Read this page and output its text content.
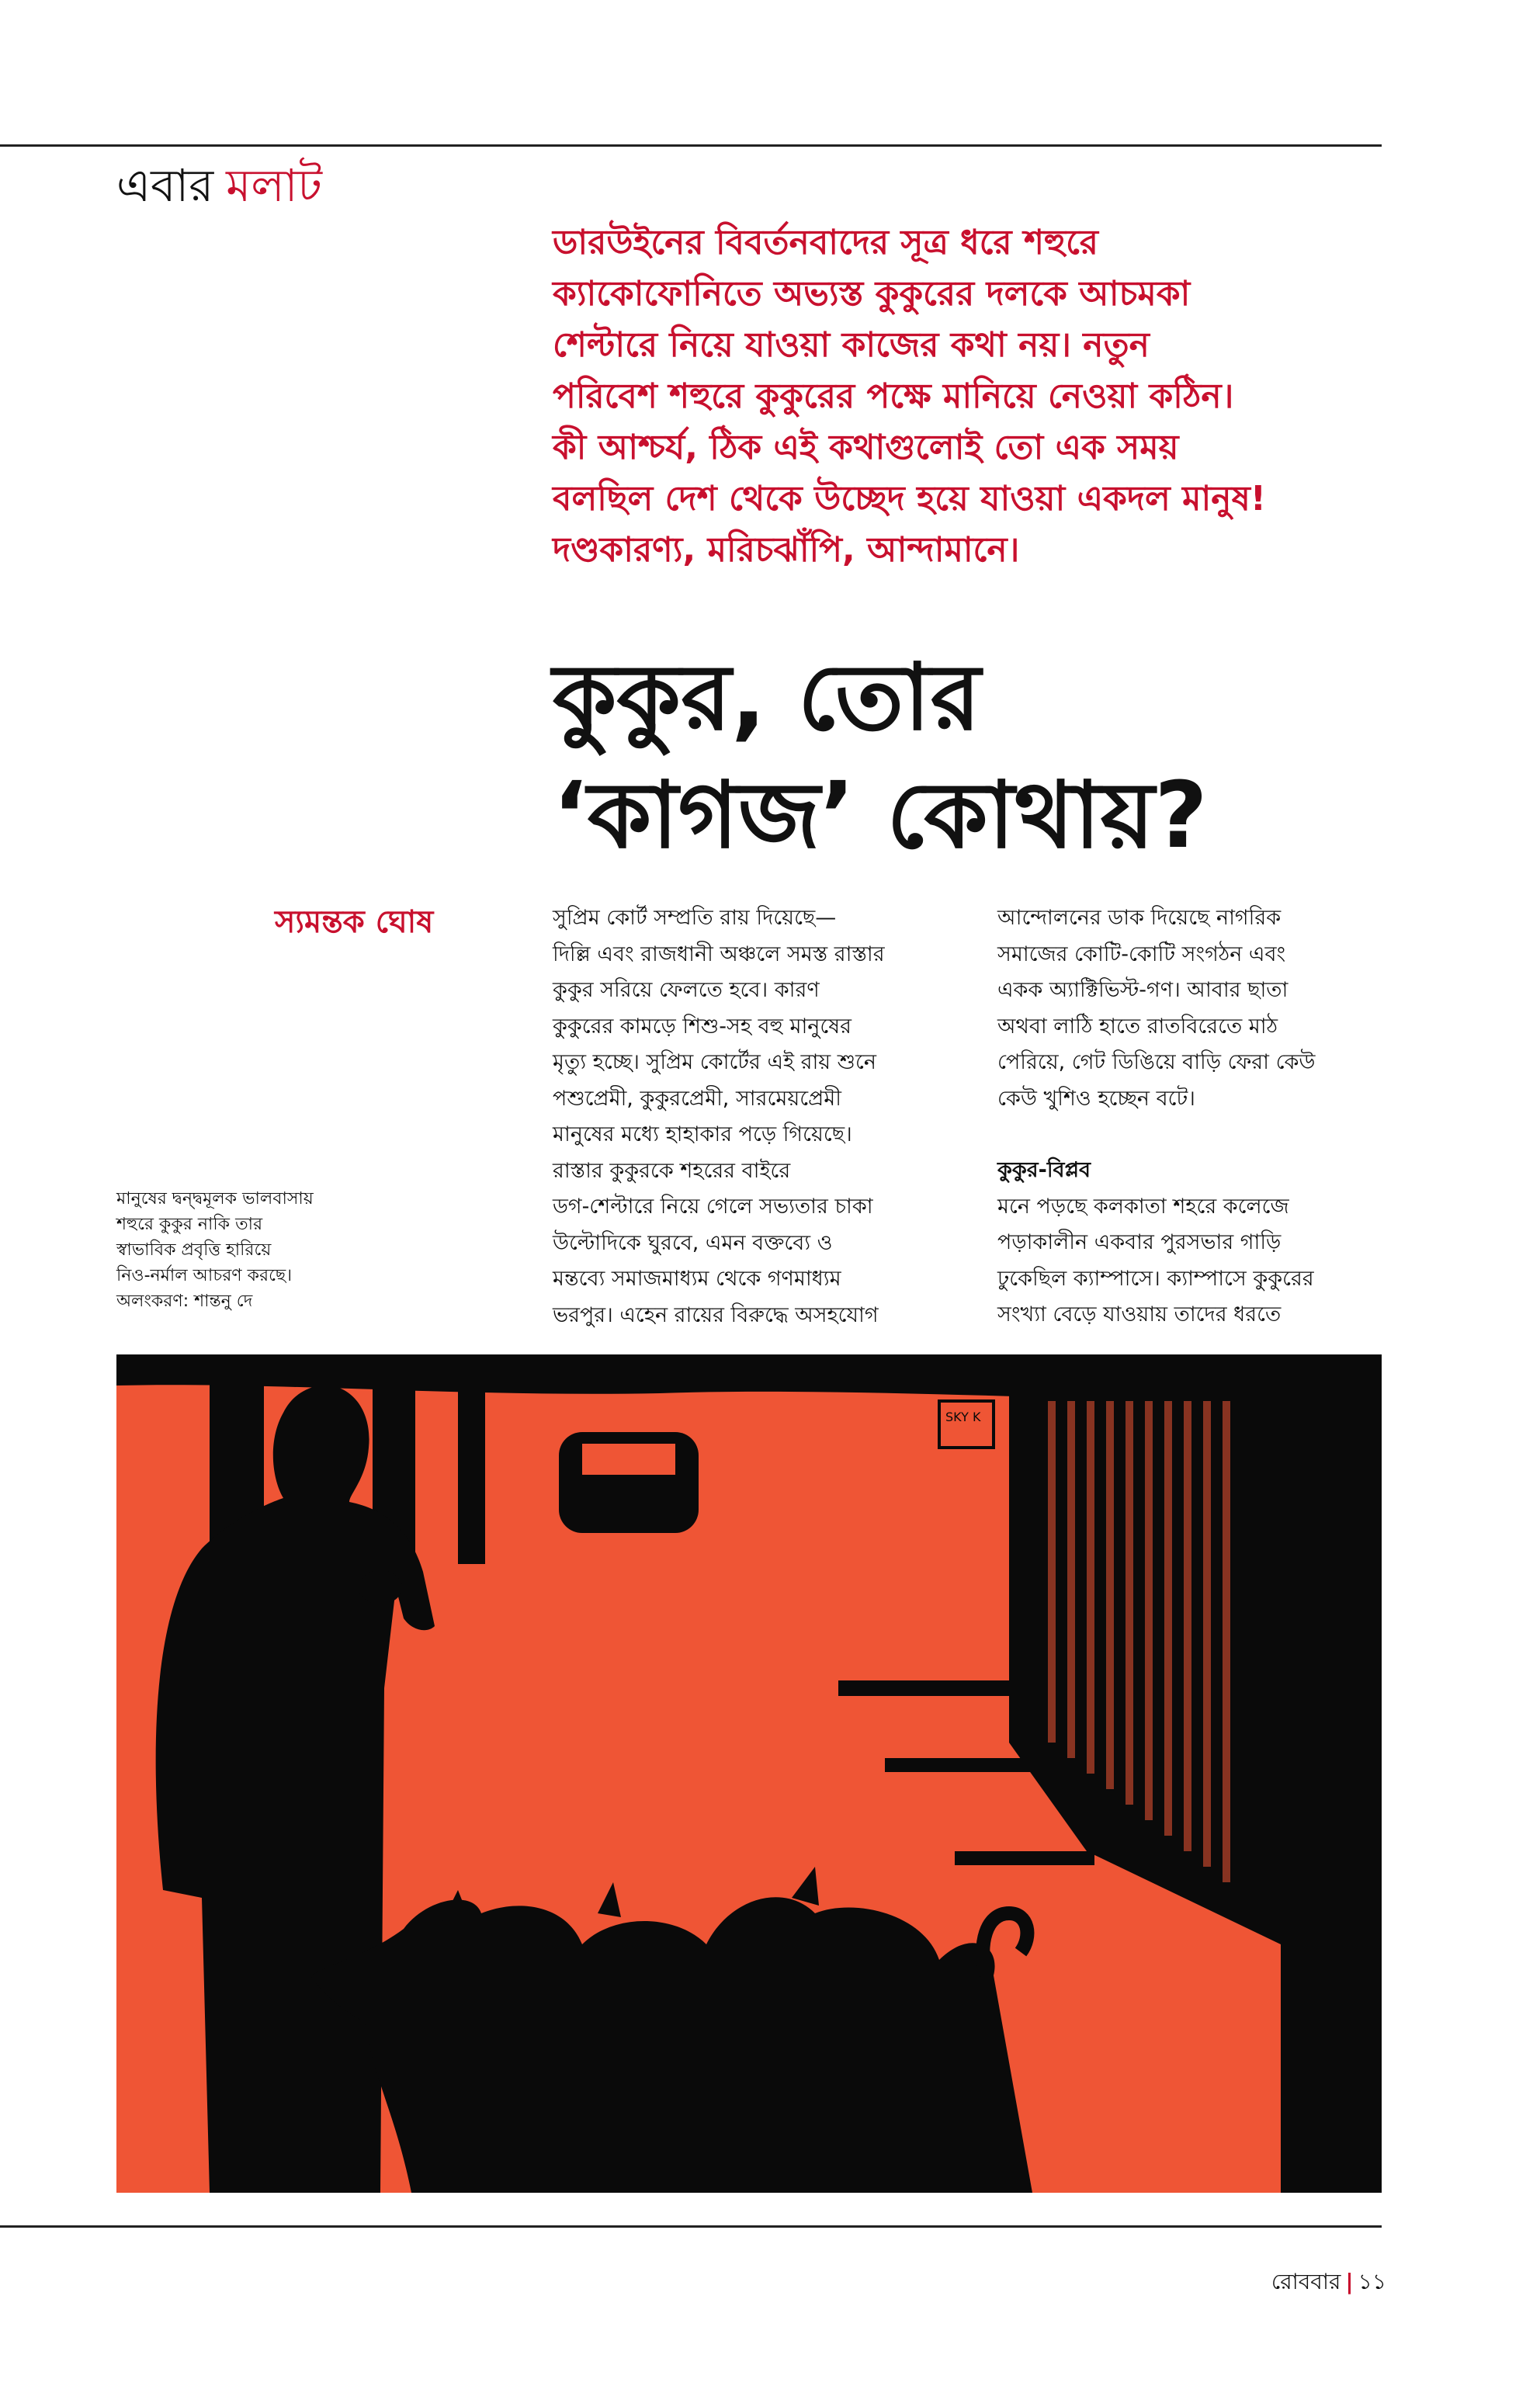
এবার মলাট

ডারউইনের বিবর্তনবাদের সূত্র ধরে শহুরে

ক্যাকোফোনিতে অভ্যস্ত কুকুরের দলকে আচমকা

শেল্টারে নিয়ে যাওয়া কাজের কথা নয়। নতুন

পরিবেশ শহুরে কুকুরের পক্ষে মানিয়ে নেওয়া কঠিন।

কী আশ্চর্য, ঠিক এই কথাগুলোই তো এক সময়

বলছিল দেশ থেকে উচ্ছেদ হয়ে যাওয়া একদল মানুষ!

দণ্ডকারণ্য, মরিচঝাঁপি, আন্দামানে।

কুকুর, তোর
‘কাগজ’ কোথায়?
স্যমন্তক ঘোষ	সুপ্রিম কোর্ট সম্প্রতি রায় দিয়েছে—

দিল্লি এবং রাজধানী অঞ্চলে সমস্ত রাস্তার

কুকুর সরিয়ে ফেলতে হবে। কারণ

কুকুরের কামড়ে শিশু-সহ বহু মানুষের

মৃত্যু হচ্ছে। সুপ্রিম কোর্টের এই রায় শুনে

পশুপ্রেমী, কুকুরপ্রেমী, সারমেয়প্রেমী

মানুষের মধ্যে হাহাকার পড়ে গিয়েছে।

রাস্তার কুকুরকে শহরের বাইরে

ডগ-শেল্টারে নিয়ে গেলে সভ্যতার চাকা

উল্টোদিকে ঘুরবে, এমন বক্তব্যে ও

মন্তব্যে সমাজমাধ্যম থেকে গণমাধ্যম

ভরপুর। এহেন রায়ের বিরুদ্ধে অসহযোগ

আন্দোলনের ডাক দিয়েছে নাগরিক

সমাজের কোটি-কোটি সংগঠন এবং

একক অ্যাক্টিভিস্ট-গণ। আবার ছাতা

অথবা লাঠি হাতে রাতবিরেতে মাঠ

পেরিয়ে, গেট ডিঙিয়ে বাড়ি ফেরা কেউ

কেউ খুশিও হচ্ছেন বটে।

কুকুর-বিপ্লব

মনে পড়ছে কলকাতা শহরে কলেজে

পড়াকালীন একবার পুরসভার গাড়ি

ঢুকেছিল ক্যাম্পাসে। ক্যাম্পাসে কুকুরের

সংখ্যা বেড়ে যাওয়ায় তাদের ধরতে

মানুষের দ্বন্দ্বমূলক ভালবাসায়

শহুরে কুকুর নাকি তার

স্বাভাবিক প্রবৃত্তি হারিয়ে

নিও-নর্মাল আচরণ করছে।

অলংকরণ: শান্তনু দে

SKY K
রোববার | ১১
